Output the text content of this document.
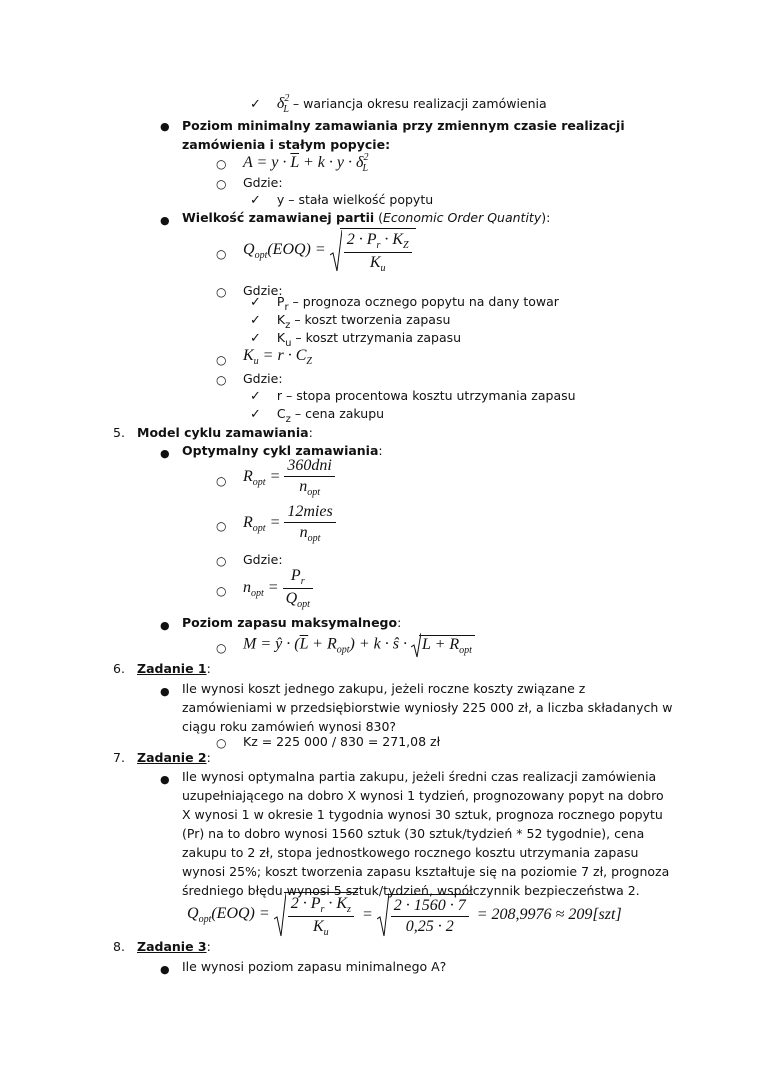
✓ $\delta^2_L$ – wariancja okresu realizacji zamówienia
● Poziom minimalny zamawiania przy zmiennym czasie realizacji zamówienia i stałym popycie:
○ $A = y \cdot \overline{L} + k \cdot y \cdot \delta^2_L$
○ Gdzie:
✓ y – stała wielkość popytu
● Wielkość zamawianej partii (Economic Order Quantity):
○ $Q_{opt}(EOQ) = \frac{2 \cdot P_r \cdot K_Z}{K_u}$
○ Gdzie:
✓ $P_r$ – prognoza ocznego popytu na dany towar
✓ $K_z$ – koszt tworzenia zapasu
✓ $K_u$ – koszt utrzymania zapasu
○ $K_u = r \cdot C_Z$
○ Gdzie:
✓ r – stopa procentowa kosztu utrzymania zapasu
✓ $C_z$ – cena zakupu
5. Model cyklu zamawiania:
● Optymalny cykl zamawiania:
○ $R_{opt} = \frac{\text{360dni}}{n_{opt}}$
○ $R_{opt} = \frac{\text{12mies}}{n_{opt}}$
○ Gdzie:
○ $n_{opt} = \frac{P_r}{Q_{opt}}$
● Poziom zapasu maksymalnego:
○ M = ŷ · $(\overline{L} + R_{opt}) + k$ · ŝ · $\overline{L} + R_{opt}$
6. Zadanie 1:
● Ile wynosi koszt jednego zakupu, jeżeli roczne koszty związane z zamówieniami w przedsiębiorstwie wyniosły 225 000 zł, a liczba składanych w ciągu roku zamówień wynosi 830?
○ Kz = 225 000 / 830 = 271,08 zł
7. Zadanie 2:
● Ile wynosi optymalna partia zakupu, jeżeli średni czas realizacji zamówienia uzupełniającego na dobro X wynosi 1 tydzień, prognozowany popyt na dobro X wynosi 1 w okresie 1 tygodnia wynosi 30 sztuk, prognoza rocznego popytu (Pr) na to dobro wynosi 1560 sztuk (30 sztuk/tydzień * 52 tygodnie), cena zakupu to 2 zł, stopa jednostkowego rocznego kosztu utrzymania zapasu wynosi 25%; koszt tworzenia zapasu kształtuje się na poziomie 7 zł, prognoza średniego błędu wynosi 5 sztuk/tydzień, współczynnik bezpieczeństwa 2.
$Q_{opt}(EOQ) = \frac{2 \cdot P_r \cdot K_z}{K_u} = \frac{2 \cdot 1560 \cdot 7}{0,25 \cdot 2} = 208,9976 \approx 209[szt]$
8. Zadanie 3:
● Ile wynosi poziom zapasu minimalnego A?
